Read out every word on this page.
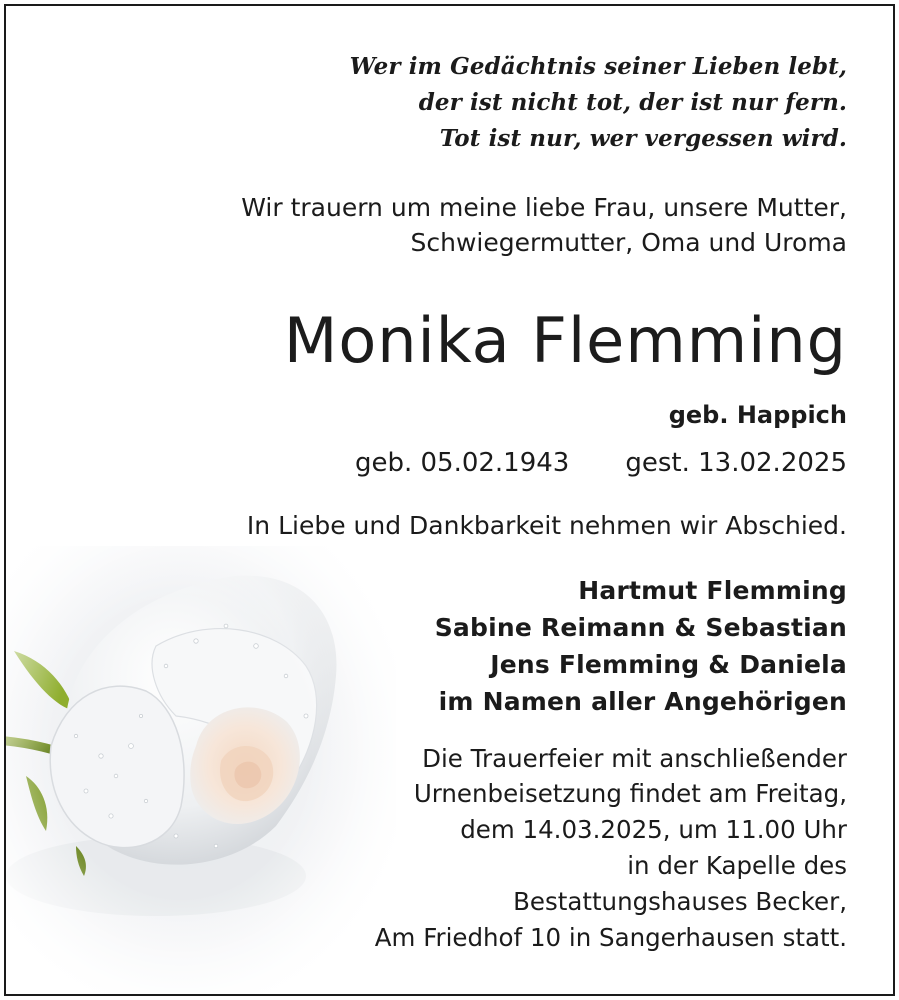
Wer im Gedächtnis seiner Lieben lebt,
der ist nicht tot, der ist nur fern.
Tot ist nur, wer vergessen wird.
Wir trauern um meine liebe Frau, unsere Mutter,
Schwiegermutter, Oma und Uroma
Monika Flemming
geb. Happich
geb. 05.02.1943 gest. 13.02.2025
In Liebe und Dankbarkeit nehmen wir Abschied.
Hartmut Flemming
Sabine Reimann & Sebastian
Jens Flemming & Daniela
im Namen aller Angehörigen
Die Trauerfeier mit anschließender
Urnenbeisetzung findet am Freitag,
dem 14.03.2025, um 11.00 Uhr
in der Kapelle des
Bestattungshauses Becker,
Am Friedhof 10 in Sangerhausen statt.
